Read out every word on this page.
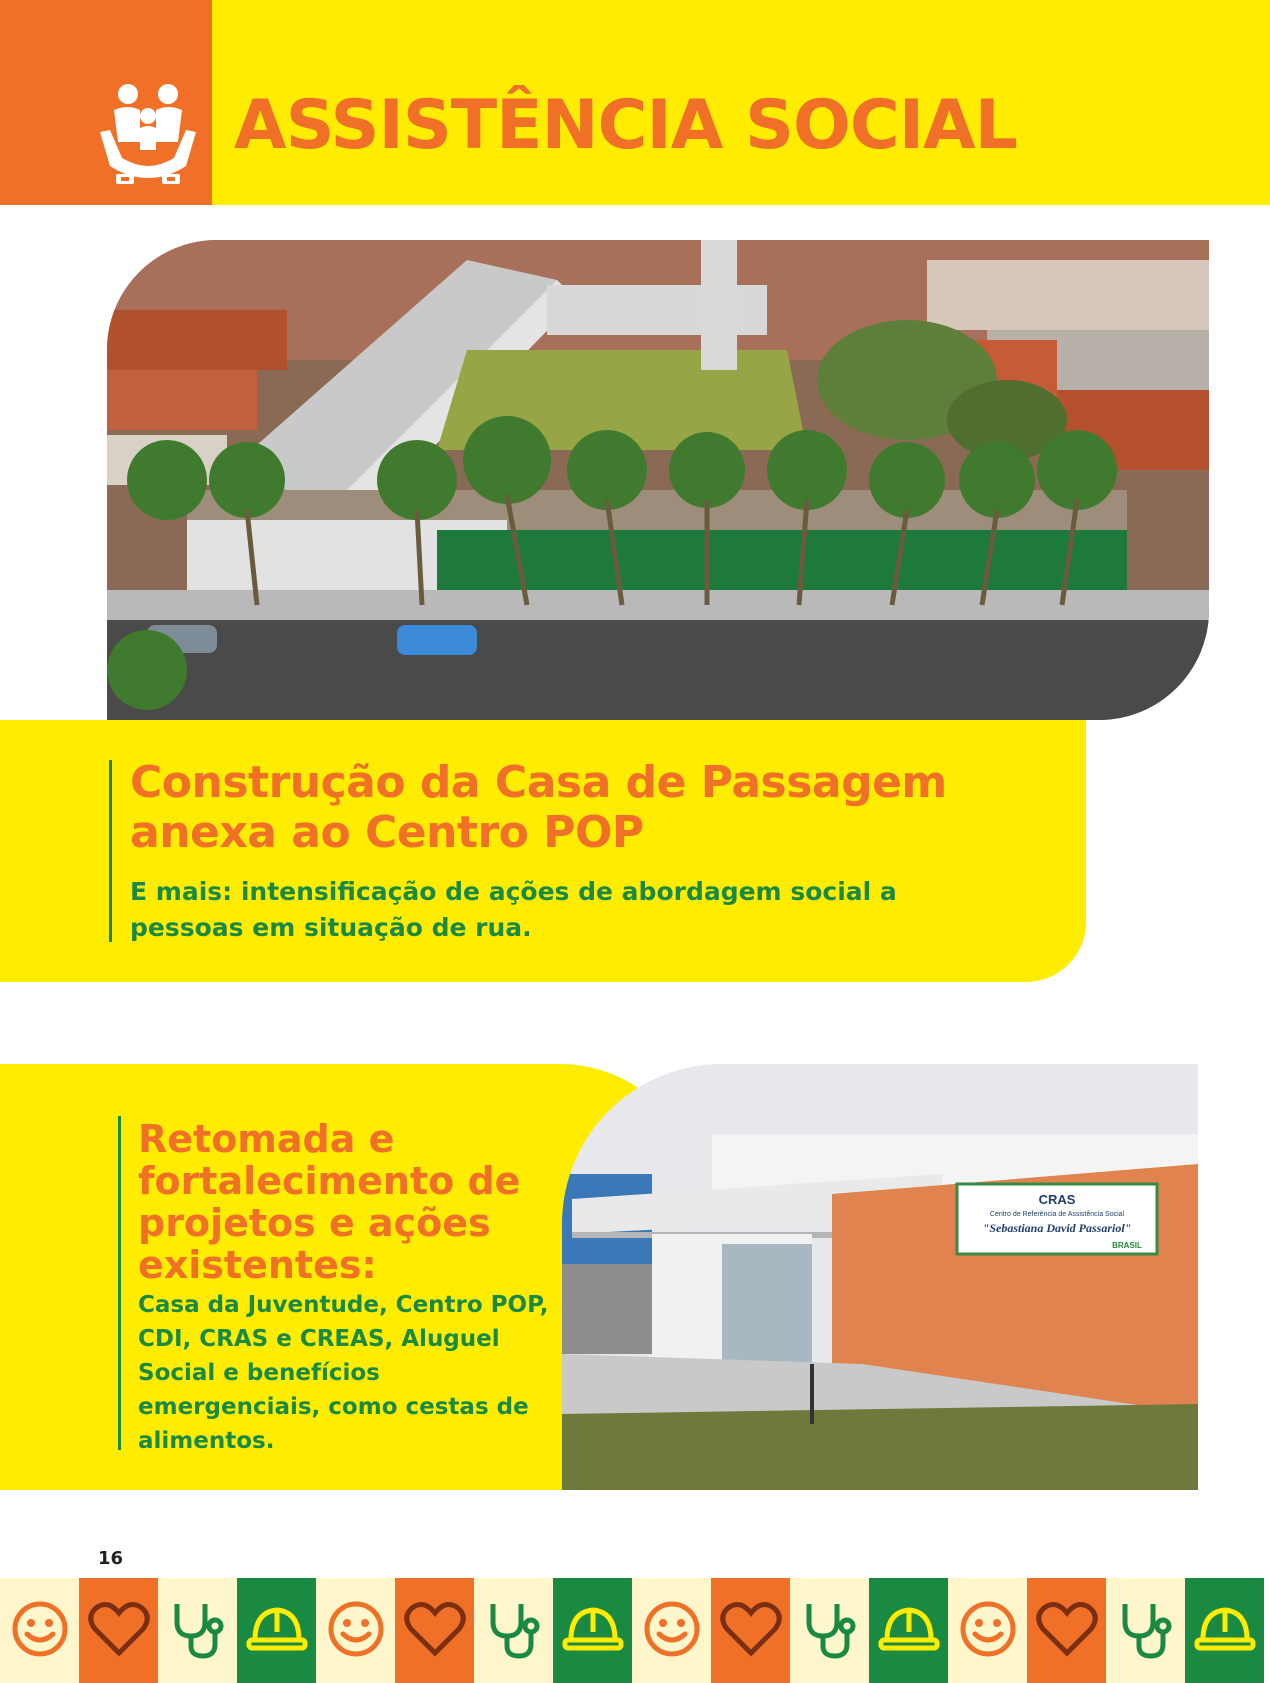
ASSISTÊNCIA SOCIAL
Construção da Casa de Passagem anexa ao Centro POP
E mais: intensificação de ações de abordagem social a pessoas em situação de rua.
CRAS
Centro de Referência de Assistência Social
"Sebastiana David Passariol"
BRASIL
Retomada e fortalecimento de projetos e ações existentes:
Casa da Juventude, Centro POP, CDI, CRAS e CREAS, Aluguel Social e benefícios emergenciais, como cestas de alimentos.
16
